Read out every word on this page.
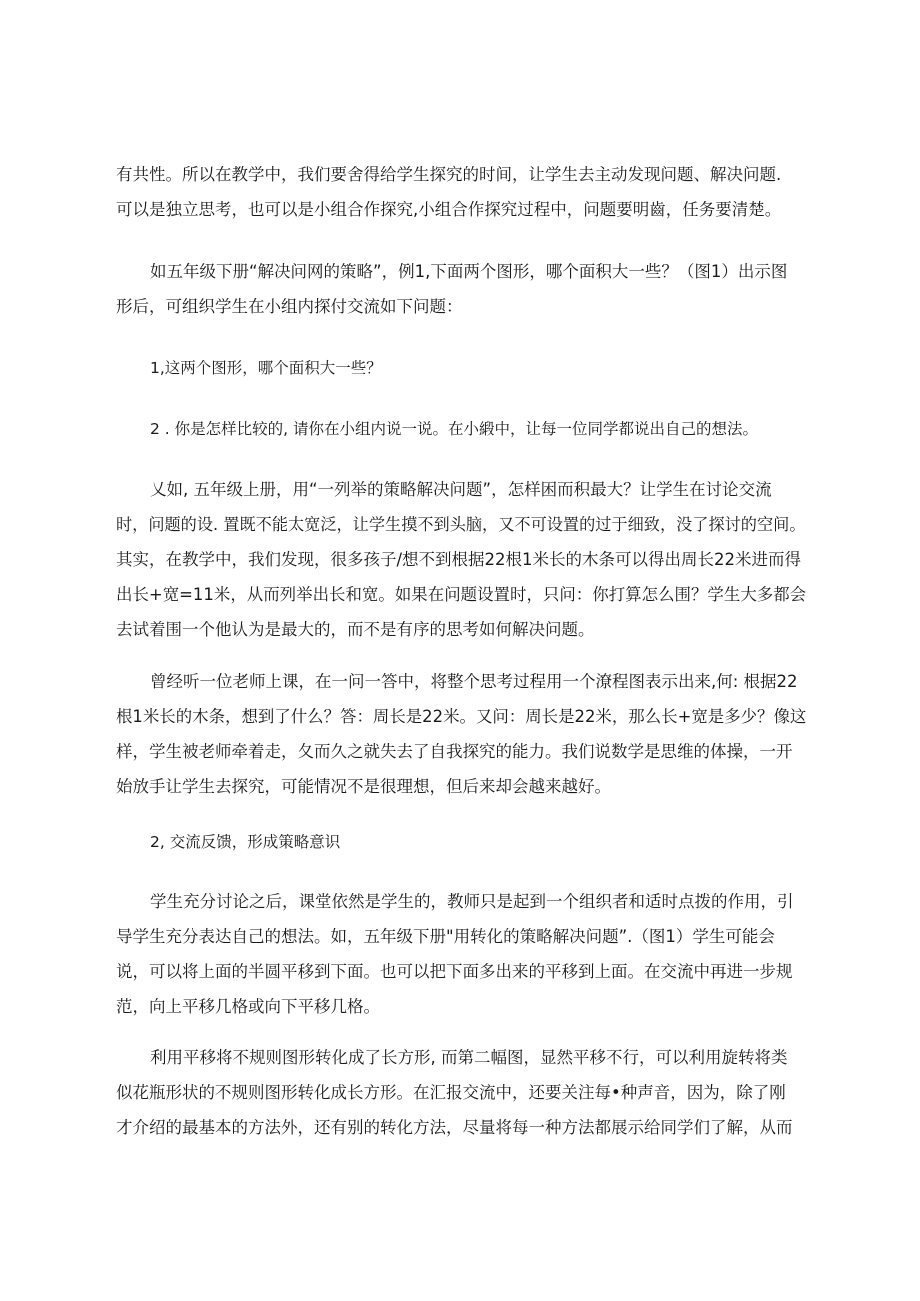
有共性。所以在教学中，我们要舍得给学生探究的时间，让学生去主动发现问题、解决问题.
可以是独立思考，也可以是小组合作探究,小组合作探究过程中，问题要明齒，任务要清楚。
如五年级下册“解决问网的策略”，例1,下面两个图形，哪个面积大一些？（图1）出示图
形后，可组织学生在小组内探付交流如下问题：
1,这两个图形，哪个面积大一些？
2 . 你是怎样比较的, 请你在小组内说一说。在小緞中，让每一位同学都说出自己的想法。
乂如, 五年级上册，用“一列举的策略解决问题”，怎样困而积最大？让学生在讨论交流
时，问题的设. 置既不能太宽泛，让学生摸不到头脑，又不可设置的过于细致，没了探讨的空间。
其实，在教学中，我们发现，很多孩子/想不到根据22根1米长的木条可以得出周长22米进而得
出长+宽=11米，从而列举出长和宽。如果在问题设置时，只问：你打算怎么围？学生大多都会
去试着围一个他认为是最大的，而不是有序的思考如何解决问题。
曾经听一位老师上课，在一问一答中，将整个思考过程用一个潦程图表示出来,何: 根据22
根1米长的木条，想到了什么？答：周长是22米。又问：周长是22米，那么长+宽是多少？像这
样，学生被老师牵着走，夂而久之就失去了自我探究的能力。我们说数学是思维的体操，一开
始放手让学生去探究，可能情况不是很理想，但后来却会越来越好。
2, 交流反馈，形成策略意识
学生充分讨论之后，课堂依然是学生的，教师只是起到一个组织者和适时点拨的作用，引
导学生充分表达自己的想法。如，五年级下册"用转化的策略解决问题”.（图1）学生可能会
说，可以将上面的半圆平移到下面。也可以把下面多出来的平移到上面。在交流中再进一步规
范，向上平移几格或向下平移几格。
利用平移将不规则图形转化成了长方形, 而第二幅图，显然平移不行，可以利用旋转将类
似花瓶形状的不规则图形转化成长方形。在汇报交流中，还要关注每•种声音，因为，除了刚
才介绍的最基本的方法外，还有别的转化方法，尽量将每一种方法都展示给同学们了解，从而
